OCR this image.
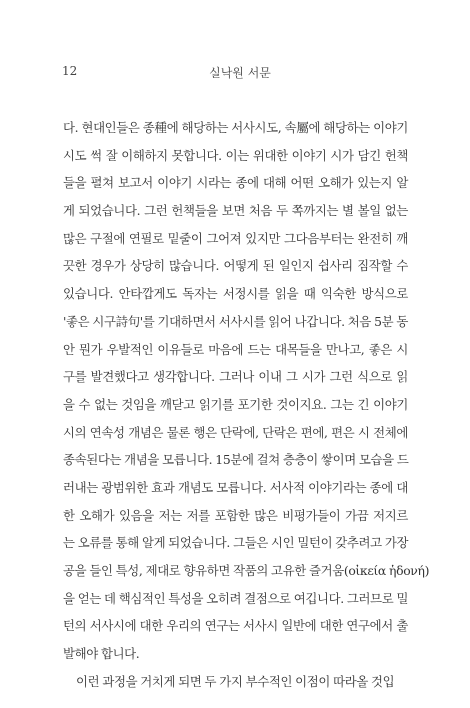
12	실낙원 서문
다. 현대인들은 종種에 해당하는 서사시도, 속屬에 해당하는 이야기
시도 썩 잘 이해하지 못합니다. 이는 위대한 이야기 시가 담긴 헌책
들을 펼쳐 보고서 이야기 시라는 종에 대해 어떤 오해가 있는지 알
게 되었습니다. 그런 헌책들을 보면 처음 두 쪽까지는 별 볼일 없는
많은 구절에 연필로 밑줄이 그어져 있지만 그다음부터는 완전히 깨
끗한 경우가 상당히 많습니다. 어떻게 된 일인지 쉽사리 짐작할 수
있습니다. 안타깝게도 독자는 서정시를 읽을 때 익숙한 방식으로
'좋은 시구詩句'를 기대하면서 서사시를 읽어 나갑니다. 처음 5분 동
안 뭔가 우발적인 이유들로 마음에 드는 대목들을 만나고, 좋은 시
구를 발견했다고 생각합니다. 그러나 이내 그 시가 그런 식으로 읽
을 수 없는 것임을 깨닫고 읽기를 포기한 것이지요. 그는 긴 이야기
시의 연속성 개념은 물론 행은 단락에, 단락은 편에, 편은 시 전체에
종속된다는 개념을 모릅니다. 15분에 걸쳐 층층이 쌓이며 모습을 드
러내는 광범위한 효과 개념도 모릅니다. 서사적 이야기라는 종에 대
한 오해가 있음을 저는 저를 포함한 많은 비평가들이 가끔 저지르
는 오류를 통해 알게 되었습니다. 그들은 시인 밀턴이 갖추려고 가장
공을 들인 특성, 제대로 향유하면 작품의 고유한 즐거움(οἰκεία ἡδονή)
을 얻는 데 핵심적인 특성을 오히려 결점으로 여깁니다. 그러므로 밀
턴의 서사시에 대한 우리의 연구는 서사시 일반에 대한 연구에서 출
발해야 합니다.
이런 과정을 거치게 되면 두 가지 부수적인 이점이 따라올 것입
